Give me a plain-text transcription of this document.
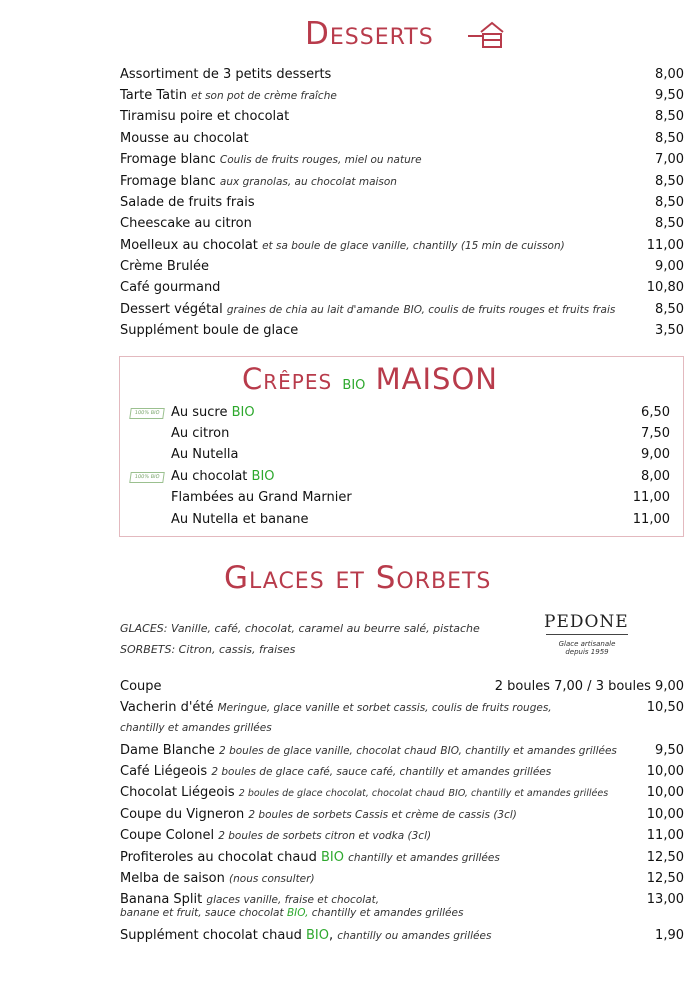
Desserts
Assortiment de 3 petits desserts	8,00
Tarte Tatin et son pot de crème fraîche	9,50
Tiramisu poire et chocolat	8,50
Mousse au chocolat	8,50
Fromage blanc Coulis de fruits rouges, miel ou nature	7,00
Fromage blanc aux granolas, au chocolat maison	8,50
Salade de fruits frais	8,50
Cheescake au citron	8,50
Moelleux au chocolat et sa boule de glace vanille, chantilly (15 min de cuisson)	11,00
Crème Brulée	9,00
Café gourmand	10,80
Dessert végétal graines de chia au lait d'amande BIO, coulis de fruits rouges et fruits frais	8,50
Supplément boule de glace	3,50
Crêpes BIO MAISON
100% BIO Au sucre BIO	6,50
Au citron	7,50
Au Nutella	9,00
100% BIO Au chocolat BIO	8,00
Flambées au Grand Marnier	11,00
Au Nutella et banane	11,00
Glaces et Sorbets
GLACES: Vanille, café, chocolat, caramel au beurre salé, pistache
SORBETS: Citron, cassis, fraises
PEDONE
Glace artisanale
depuis 1959
Coupe	2 boules 7,00 / 3 boules 9,00
Vacherin d'été Meringue, glace vanille et sorbet cassis, coulis de fruits rouges,	10,50
chantilly et amandes grillées
Dame Blanche 2 boules de glace vanille, chocolat chaud BIO, chantilly et amandes grillées	9,50
Café Liégeois 2 boules de glace café, sauce café, chantilly et amandes grillées	10,00
Chocolat Liégeois 2 boules de glace chocolat, chocolat chaud BIO, chantilly et amandes grillées	10,00
Coupe du Vigneron 2 boules de sorbets Cassis et crème de cassis (3cl)	10,00
Coupe Colonel 2 boules de sorbets citron et vodka (3cl)	11,00
Profiteroles au chocolat chaud BIO chantilly et amandes grillées	12,50
Melba de saison (nous consulter)	12,50
Banana Split glaces vanille, fraise et chocolat,	13,00
banane et fruit, sauce chocolat BIO, chantilly et amandes grillées
Supplément chocolat chaud BIO, chantilly ou amandes grillées	1,90
